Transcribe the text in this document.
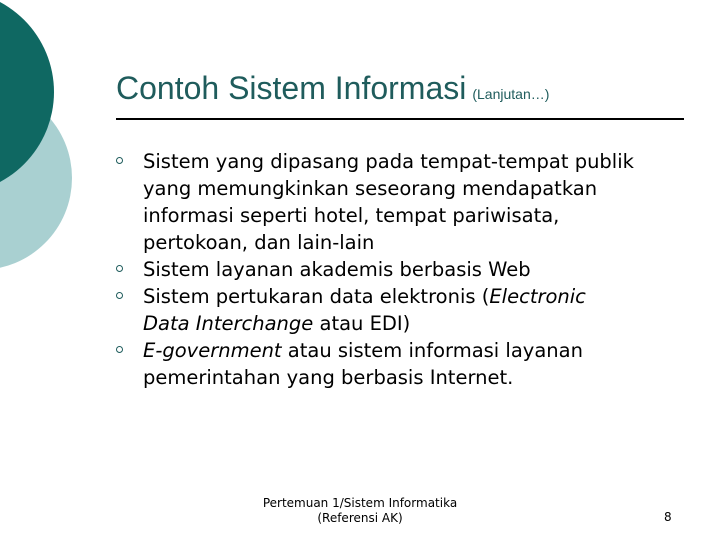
Contoh Sistem Informasi (Lanjutan…)
Sistem yang dipasang pada tempat-tempat publik yang memungkinkan seseorang mendapatkan informasi seperti hotel, tempat pariwisata, pertokoan, dan lain-lain
Sistem layanan akademis berbasis Web
Sistem pertukaran data elektronis (Electronic Data Interchange atau EDI)
E-government atau sistem informasi layanan pemerintahan yang berbasis Internet.
Pertemuan 1/Sistem Informatika
(Referensi AK)	8
